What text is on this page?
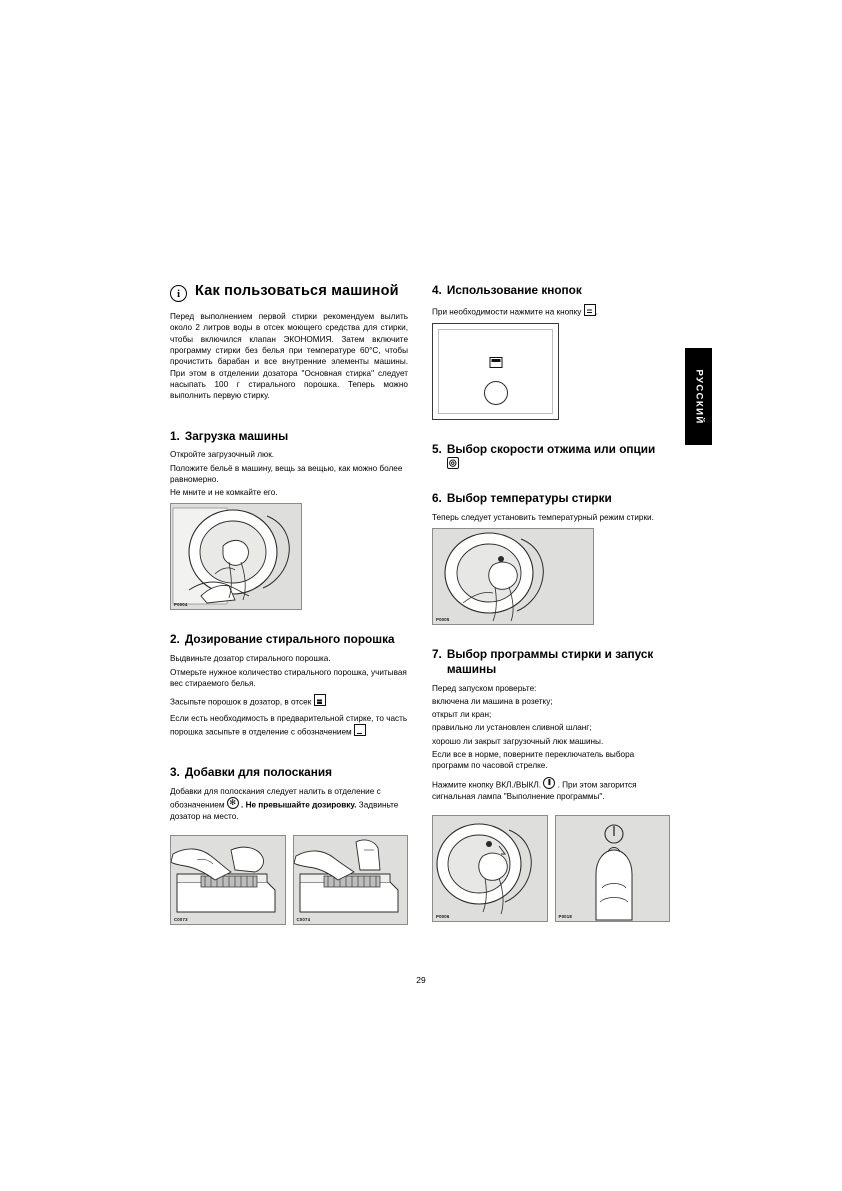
РУССКИЙ
i
Как пользоваться машиной

Перед выполнением первой стирки рекомендуем вылить около 2 литров воды в отсек моющего средства для стирки, чтобы включился клапан ЭКОНОМИЯ. Затем включите программу стирки без белья при температуре 60°С, чтобы прочистить барабан и все внутренние элементы машины. При этом в отделении дозатора "Основная стирка" следует насыпать 100 г стирального порошка. Теперь можно выполнить первую стирку.

1. Загрузка машины

Откройте загрузочный люк.

Положите бельё в машину, вещь за вещью, как можно более равномерно.

Не мните и не комкайте его.

P0004
2. Дозирование стирального порошка

Выдвиньте дозатор стирального порошка.

Отмерьте нужное количество стирального порошка, учитывая вес стираемого белья.

Засыпьте порошок в дозатор, в отсек

Если есть необходимость в предварительной стирке, то часть порошка засыпьте в отделение с обозначением

3. Добавки для полоскания

Добавки для полоскания следует налить в отделение с обозначением ✻ . Не превышайте дозировку. Задвиньте дозатор на место.

C0073	C0074
4. Использование кнопок

При необходимости нажмите на кнопку .

5. Выбор скорости отжима или опции ◎
6. Выбор температуры стирки

Теперь следует установить температурный режим стирки.

P0005
7. Выбор программы стирки и запуск машины

Перед запуском проверьте:

включена ли машина в розетку;

открыт ли кран;

правильно ли установлен сливной шланг;

хорошо ли закрыт загрузочный люк машины.

Если все в норме, поверните переключатель выбора программ по часовой стрелке.

Нажмите кнопку ВКЛ./ВЫКЛ. . При этом загорится сигнальная лампа "Выполнение программы".

P0006	P0018
29
